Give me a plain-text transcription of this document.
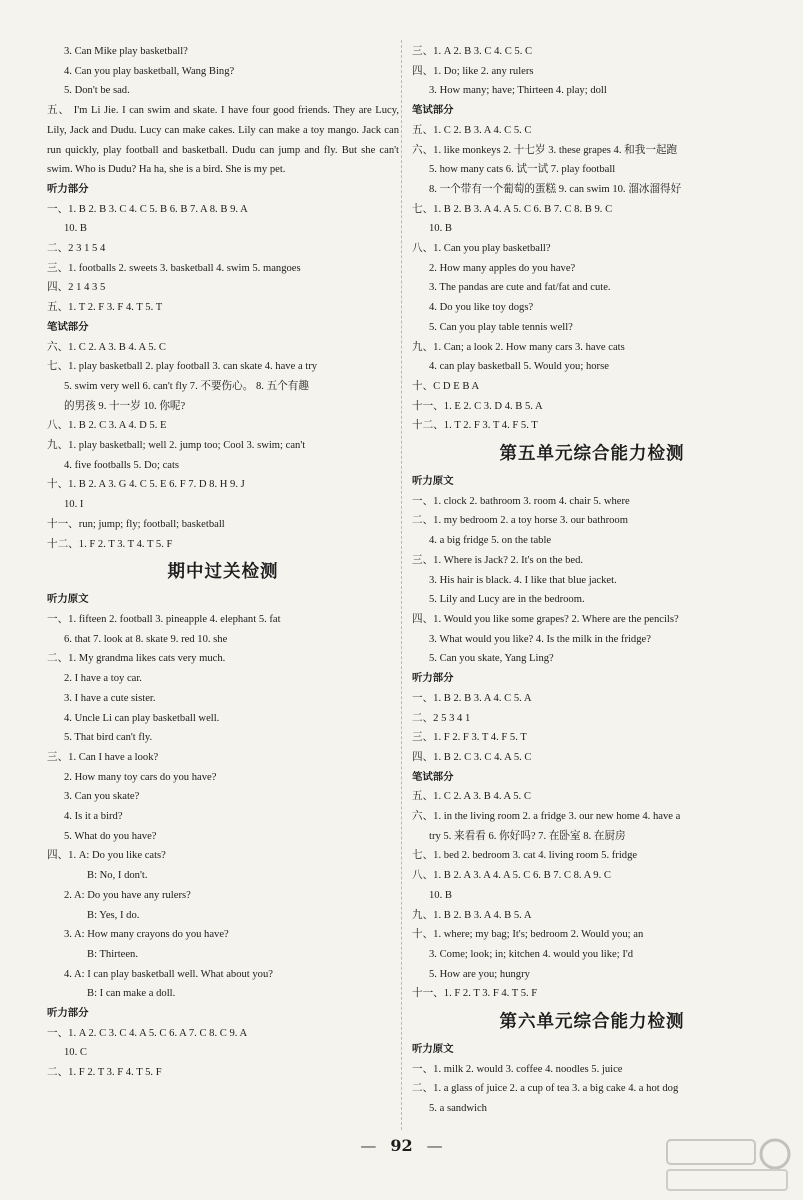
3. Can Mike play basketball?
4. Can you play basketball, Wang Bing?
5. Don't be sad.
五、 I'm Li Jie. I can swim and skate. I have four good friends. They are Lucy, Lily, Jack and Dudu. Lucy can make cakes. Lily can make a toy mango. Jack can run quickly, play football and basketball. Dudu can jump and fly. But she can't swim. Who is Dudu? Ha ha, she is a bird. She is my pet.
听力部分
一、1. B 2. B 3. C 4. C 5. B 6. B 7. A 8. B 9. A
10. B
二、2 3 1 5 4
三、1. footballs 2. sweets 3. basketball 4. swim 5. mangoes
四、2 1 4 3 5
五、1. T 2. F 3. F 4. T 5. T
笔试部分
六、1. C 2. A 3. B 4. A 5. C
七、1. play basketball 2. play football 3. can skate 4. have a try
5. swim very well 6. can't fly 7. 不要伤心。 8. 五个有趣
的男孩 9. 十一岁 10. 你呢?
八、1. B 2. C 3. A 4. D 5. E
九、1. play basketball; well 2. jump too; Cool 3. swim; can't
4. five footballs 5. Do; cats
十、1. B 2. A 3. G 4. C 5. E 6. F 7. D 8. H 9. J
10. I
十一、run; jump; fly; football; basketball
十二、1. F 2. T 3. T 4. T 5. F
期中过关检测
听力原文
一、1. fifteen 2. football 3. pineapple 4. elephant 5. fat
6. that 7. look at 8. skate 9. red 10. she
二、1. My grandma likes cats very much.
2. I have a toy car.
3. I have a cute sister.
4. Uncle Li can play basketball well.
5. That bird can't fly.
三、1. Can I have a look?
2. How many toy cars do you have?
3. Can you skate?
4. Is it a bird?
5. What do you have?
四、1. A: Do you like cats?
B: No, I don't.
2. A: Do you have any rulers?
B: Yes, I do.
3. A: How many crayons do you have?
B: Thirteen.
4. A: I can play basketball well. What about you?
B: I can make a doll.
听力部分
一、1. A 2. C 3. C 4. A 5. C 6. A 7. C 8. C 9. A
10. C
二、1. F 2. T 3. F 4. T 5. F
三、1. A 2. B 3. C 4. C 5. C
四、1. Do; like 2. any rulers
3. How many; have; Thirteen 4. play; doll
笔试部分
五、1. C 2. B 3. A 4. C 5. C
六、1. like monkeys 2. 十七岁 3. these grapes 4. 和我一起跑
5. how many cats 6. 试一试 7. play football
8. 一个带有一个葡萄的蛋糕 9. can swim 10. 溜冰溜得好
七、1. B 2. B 3. A 4. A 5. C 6. B 7. C 8. B 9. C
10. B
八、1. Can you play basketball?
2. How many apples do you have?
3. The pandas are cute and fat/fat and cute.
4. Do you like toy dogs?
5. Can you play table tennis well?
九、1. Can; a look 2. How many cars 3. have cats
4. can play basketball 5. Would you; horse
十、C D E B A
十一、1. E 2. C 3. D 4. B 5. A
十二、1. T 2. F 3. T 4. F 5. T
第五单元综合能力检测
听力原文
一、1. clock 2. bathroom 3. room 4. chair 5. where
二、1. my bedroom 2. a toy horse 3. our bathroom
4. a big fridge 5. on the table
三、1. Where is Jack? 2. It's on the bed.
3. His hair is black. 4. I like that blue jacket.
5. Lily and Lucy are in the bedroom.
四、1. Would you like some grapes? 2. Where are the pencils?
3. What would you like? 4. Is the milk in the fridge?
5. Can you skate, Yang Ling?
听力部分
一、1. B 2. B 3. A 4. C 5. A
二、2 5 3 4 1
三、1. F 2. F 3. T 4. F 5. T
四、1. B 2. C 3. C 4. A 5. C
笔试部分
五、1. C 2. A 3. B 4. A 5. C
六、1. in the living room 2. a fridge 3. our new home 4. have a
try 5. 来看看 6. 你好吗? 7. 在卧室 8. 在厨房
七、1. bed 2. bedroom 3. cat 4. living room 5. fridge
八、1. B 2. A 3. A 4. A 5. C 6. B 7. C 8. A 9. C
10. B
九、1. B 2. B 3. A 4. B 5. A
十、1. where; my bag; It's; bedroom 2. Would you; an
3. Come; look; in; kitchen 4. would you like; I'd
5. How are you; hungry
十一、1. F 2. T 3. F 4. T 5. F
第六单元综合能力检测
听力原文
一、1. milk 2. would 3. coffee 4. noodles 5. juice
二、1. a glass of juice 2. a cup of tea 3. a big cake 4. a hot dog
5. a sandwich
— 92 —
